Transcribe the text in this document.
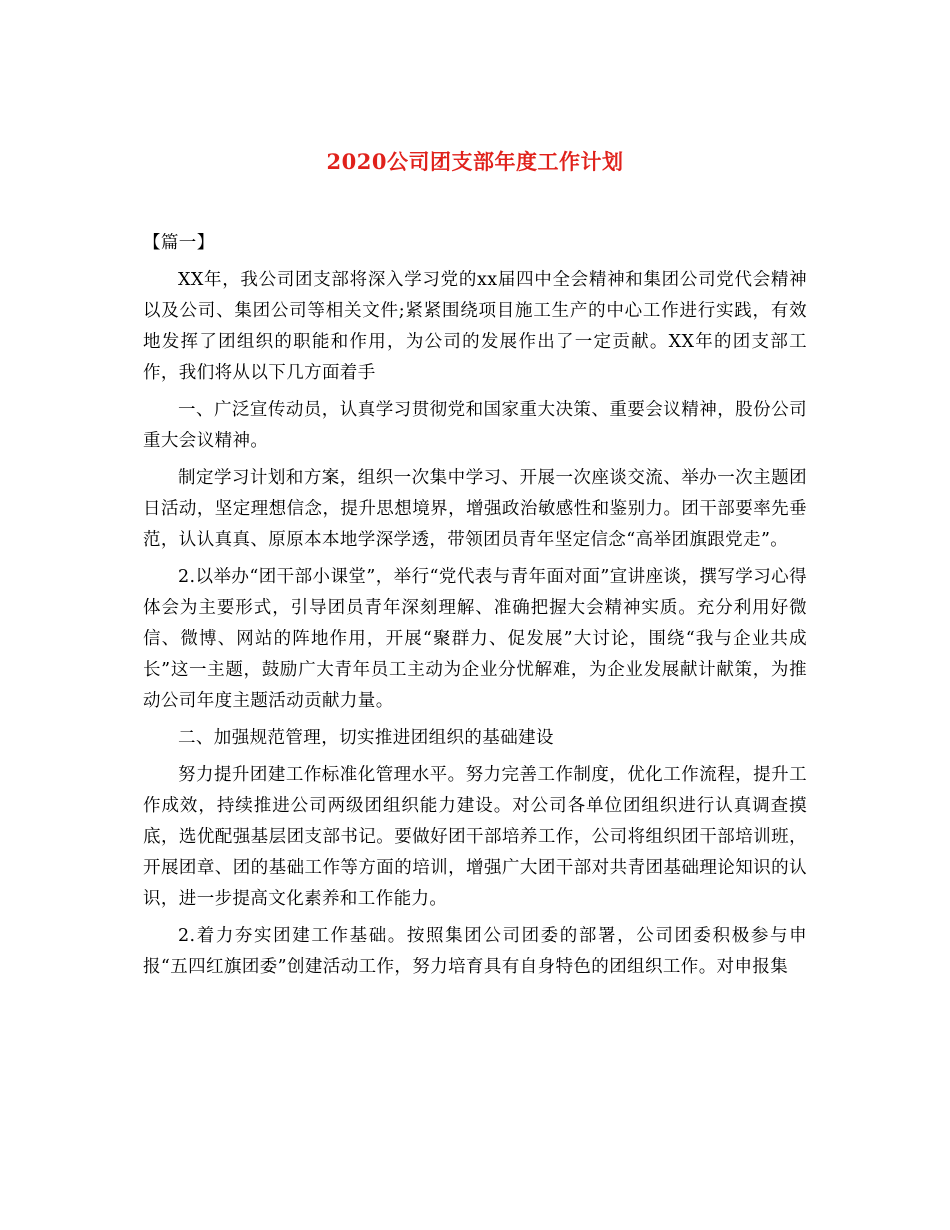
2020公司团支部年度工作计划

【篇一】

XX年，我公司团支部将深入学习党的xx届四中全会精神和集团公司党代会精神以及公司、集团公司等相关文件;紧紧围绕项目施工生产的中心工作进行实践，有效地发挥了团组织的职能和作用，为公司的发展作出了一定贡献。XX年的团支部工作，我们将从以下几方面着手

一、广泛宣传动员，认真学习贯彻党和国家重大决策、重要会议精神，股份公司重大会议精神。

制定学习计划和方案，组织一次集中学习、开展一次座谈交流、举办一次主题团日活动，坚定理想信念，提升思想境界，增强政治敏感性和鉴别力。团干部要率先垂范，认认真真、原原本本地学深学透，带领团员青年坚定信念“高举团旗跟党走”。

2.以举办“团干部小课堂”，举行“党代表与青年面对面”宣讲座谈，撰写学习心得体会为主要形式，引导团员青年深刻理解、准确把握大会精神实质。充分利用好微信、微博、网站的阵地作用，开展“聚群力、促发展”大讨论，围绕“我与企业共成长”这一主题，鼓励广大青年员工主动为企业分忧解难，为企业发展献计献策，为推动公司年度主题活动贡献力量。

二、加强规范管理，切实推进团组织的基础建设

努力提升团建工作标准化管理水平。努力完善工作制度，优化工作流程，提升工作成效，持续推进公司两级团组织能力建设。对公司各单位团组织进行认真调查摸底，选优配强基层团支部书记。要做好团干部培养工作，公司将组织团干部培训班，开展团章、团的基础工作等方面的培训，增强广大团干部对共青团基础理论知识的认识，进一步提高文化素养和工作能力。

2.着力夯实团建工作基础。按照集团公司团委的部署，公司团委积极参与申报“五四红旗团委”创建活动工作，努力培育具有自身特色的团组织工作。对申报集
